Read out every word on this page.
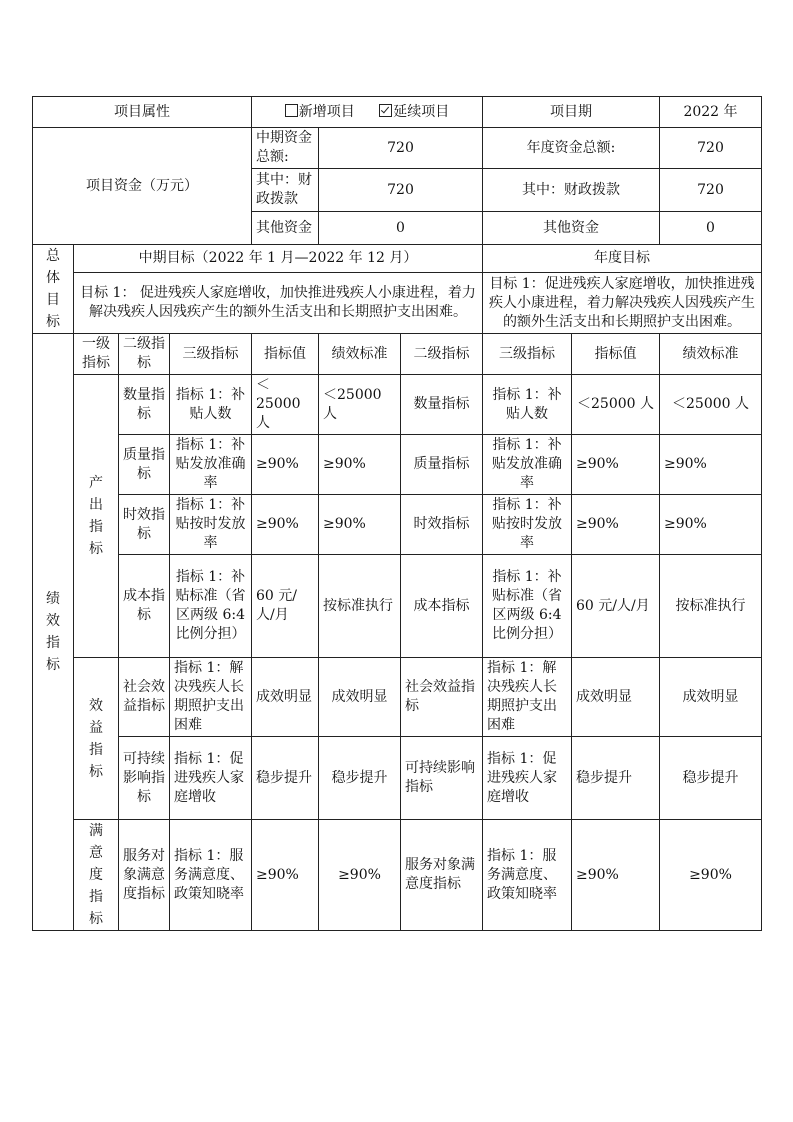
项目属性				新增项目 延续项目			项目期		2022 年
项目资金（万元）				中期资金总额:	720		年度资金总额:		720
				其中：财政拨款	720		其中：财政拨款		720
				其他资金	0		其他资金		0

总体目标	中期目标（2022 年 1 月—2022 年 12 月）						年度目标		
	目标 1： 促进残疾人家庭增收，加快推进残疾人小康进程，着力解决残疾人因残疾产生的额外生活支出和长期照护支出困难。						目标 1：促进残疾人家庭增收，加快推进残疾人小康进程，着力解决残疾人因残疾产生的额外生活支出和长期照护支出困难。		

绩效指标	一级指标	二级指标	三级指标	指标值	绩效标准	二级指标	三级指标	指标值	绩效标准

	产出指标	数量指标	指标 1：补贴人数	＜25000 人	＜25000 人	数量指标	指标 1：补贴人数	＜25000 人	＜25000 人
		质量指标	指标 1：补贴发放准确率	≥90%	≥90%	质量指标	指标 1：补贴发放准确率	≥90%	≥90%
		时效指标	指标 1：补贴按时发放率	≥90%	≥90%	时效指标	指标 1：补贴按时发放率	≥90%	≥90%
		成本指标	指标 1：补贴标准（省区两级 6:4 比例分担）	60 元/人/月	按标准执行	成本指标	指标 1：补贴标准（省区两级 6:4 比例分担）	60 元/人/月	按标准执行

	效益指标	社会效益指标	指标 1：解决残疾人长期照护支出困难	成效明显	成效明显	社会效益指标	指标 1：解决残疾人长期照护支出困难	成效明显	成效明显
		可持续影响指标	指标 1：促进残疾人家庭增收	稳步提升	稳步提升	可持续影响指标	指标 1：促进残疾人家庭增收	稳步提升	稳步提升

	满意度指标	服务对象满意度指标	指标 1：服务满意度、政策知晓率	≥90%	≥90%	服务对象满意度指标	指标 1：服务满意度、政策知晓率	≥90%	≥90%
